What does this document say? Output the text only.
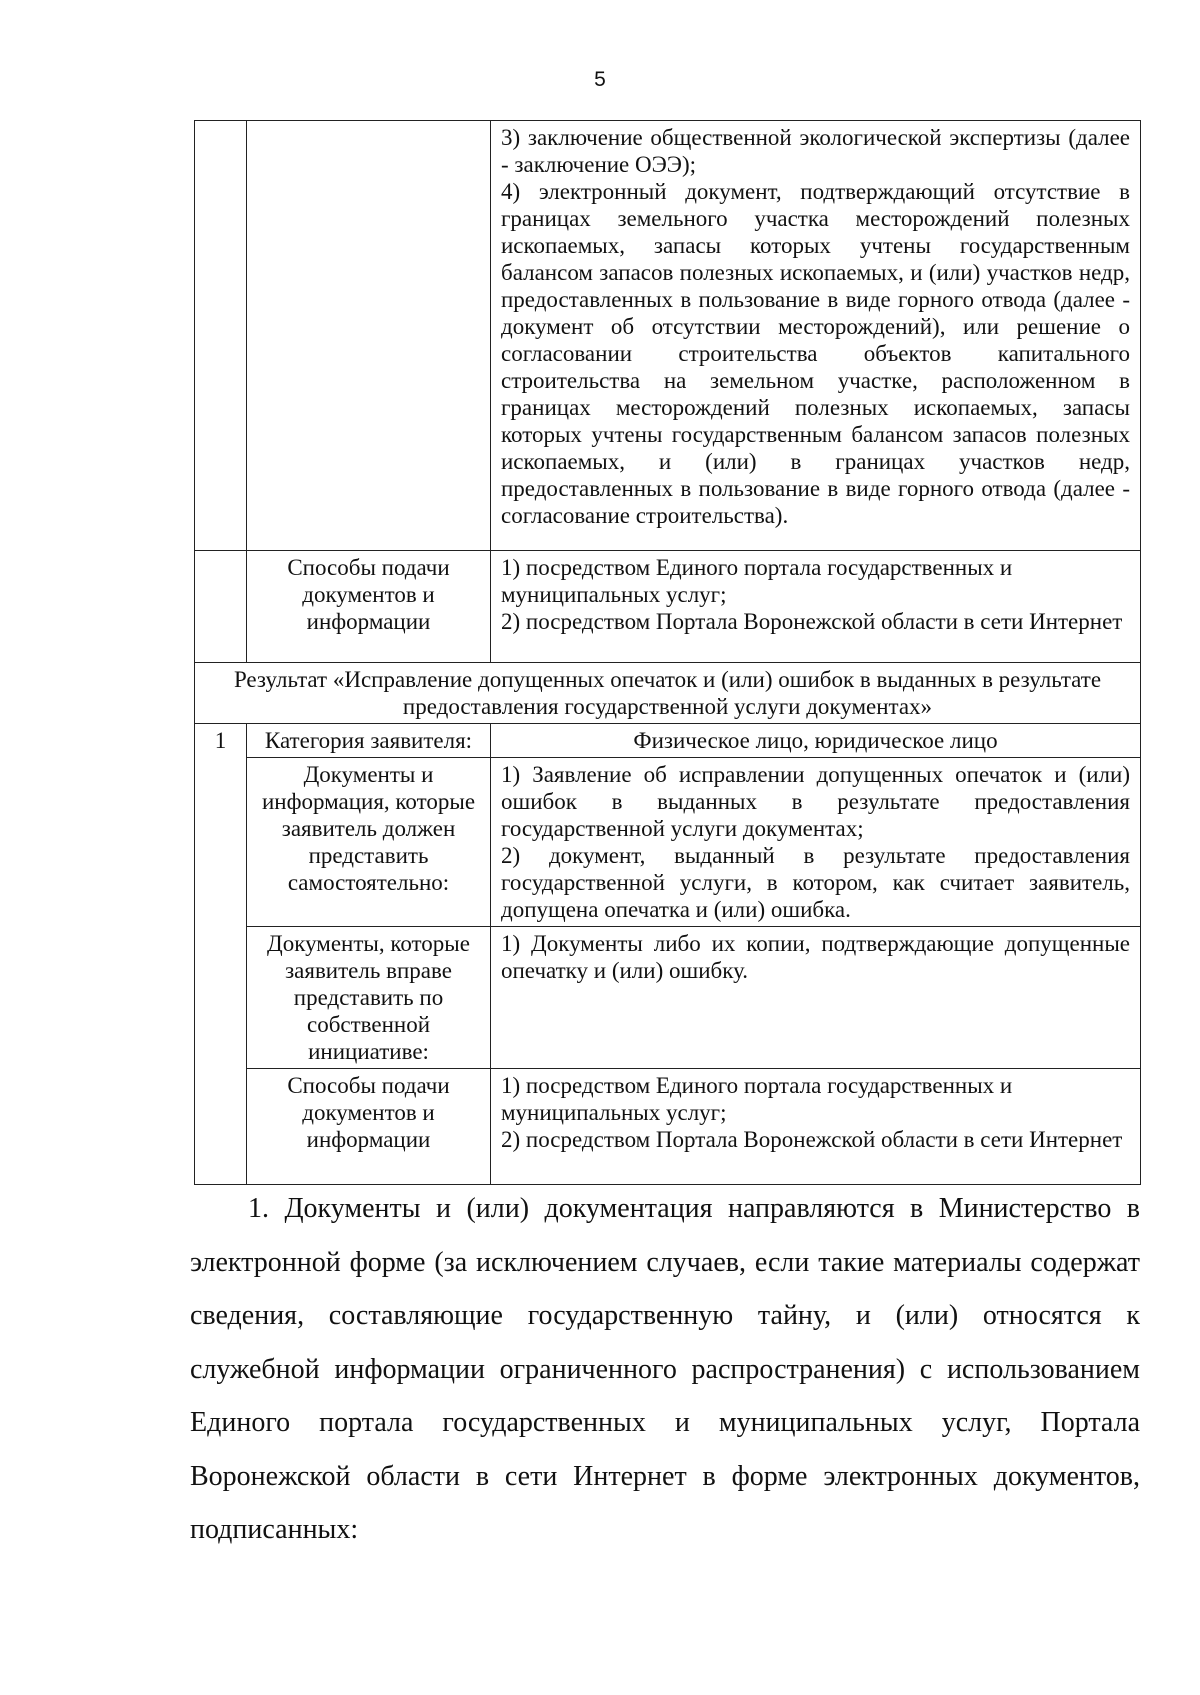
5

		3) заключение общественной экологической экспертизы (далее - заключение ОЭЭ);
4) электронный документ, подтверждающий отсутствие в границах земельного участка месторождений полезных ископаемых, запасы которых учтены государственным балансом запасов полезных ископаемых, и (или) участков недр, предоставленных в пользование в виде горного отвода (далее - документ об отсутствии месторождений), или решение о согласовании строительства объектов капитального строительства на земельном участке, расположенном в границах месторождений полезных ископаемых, запасы которых учтены государственным балансом запасов полезных ископаемых, и (или) в границах участков недр, предоставленных в пользование в виде горного отвода (далее - согласование строительства).

	Способы подачи документов и информации	1) посредством Единого портала государственных и муниципальных услуг;
2) посредством Портала Воронежской области в сети Интернет

Результат «Исправление допущенных опечаток и (или) ошибок в выданных в результате предоставления государственной услуги документах»		
1	Категория заявителя:	Физическое лицо, юридическое лицо
	Документы и информация, которые заявитель должен представить самостоятельно:	1) Заявление об исправлении допущенных опечаток и (или) ошибок в выданных в результате предоставления государственной услуги документах;
2) документ, выданный в результате предоставления государственной услуги, в котором, как считает заявитель, допущена опечатка и (или) ошибка.

	Документы, которые заявитель вправе представить по собственной инициативе:	1) Документы либо их копии, подтверждающие допущенные опечатку и (или) ошибку.

	Способы подачи документов и информации	1) посредством Единого портала государственных и муниципальных услуг;
2) посредством Портала Воронежской области в сети Интернет
1. Документы и (или) документация направляются в Министерство в электронной форме (за исключением случаев, если такие материалы содержат сведения, составляющие государственную тайну, и (или) относятся к служебной информации ограниченного распространения) с использованием Единого портала государственных и муниципальных услуг, Портала Воронежской области в сети Интернет в форме электронных документов, подписанных:
